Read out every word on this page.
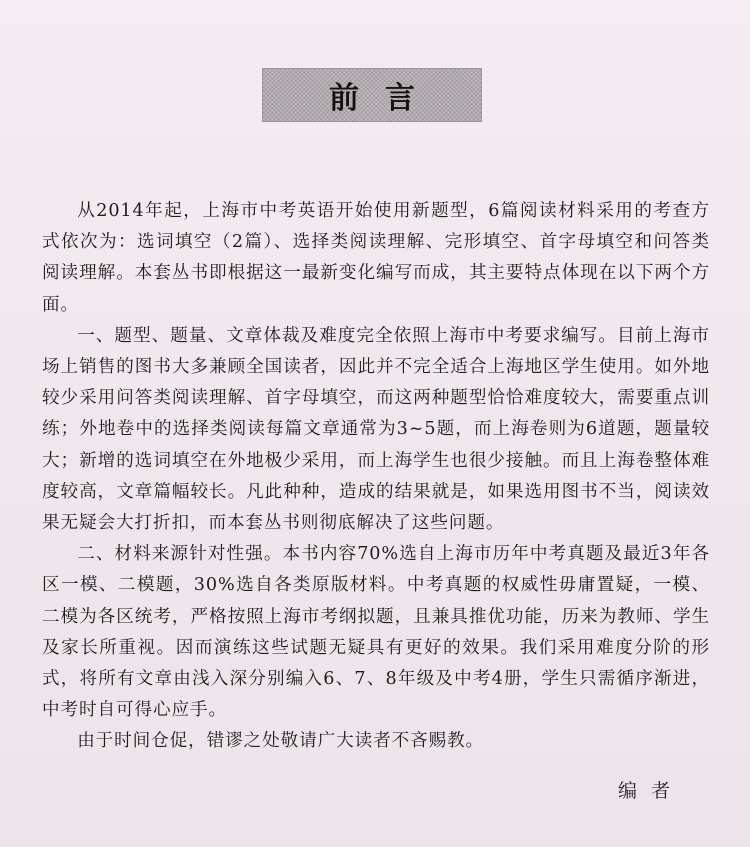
前言

从2014年起，上海市中考英语开始使用新题型，6篇阅读材料采用的考查方式依次为：选词填空（2篇）、选择类阅读理解、完形填空、首字母填空和问答类阅读理解。本套丛书即根据这一最新变化编写而成，其主要特点体现在以下两个方面。

一、题型、题量、文章体裁及难度完全依照上海市中考要求编写。目前上海市场上销售的图书大多兼顾全国读者，因此并不完全适合上海地区学生使用。如外地较少采用问答类阅读理解、首字母填空，而这两种题型恰恰难度较大，需要重点训练；外地卷中的选择类阅读每篇文章通常为3~5题，而上海卷则为6道题，题量较大；新增的选词填空在外地极少采用，而上海学生也很少接触。而且上海卷整体难度较高，文章篇幅较长。凡此种种，造成的结果就是，如果选用图书不当，阅读效果无疑会大打折扣，而本套丛书则彻底解决了这些问题。

二、材料来源针对性强。本书内容70%选自上海市历年中考真题及最近3年各区一模、二模题，30%选自各类原版材料。中考真题的权威性毋庸置疑，一模、二模为各区统考，严格按照上海市考纲拟题，且兼具推优功能，历来为教师、学生及家长所重视。因而演练这些试题无疑具有更好的效果。我们采用难度分阶的形式，将所有文章由浅入深分别编入6、7、8年级及中考4册，学生只需循序渐进，中考时自可得心应手。

由于时间仓促，错谬之处敬请广大读者不吝赐教。

编者
